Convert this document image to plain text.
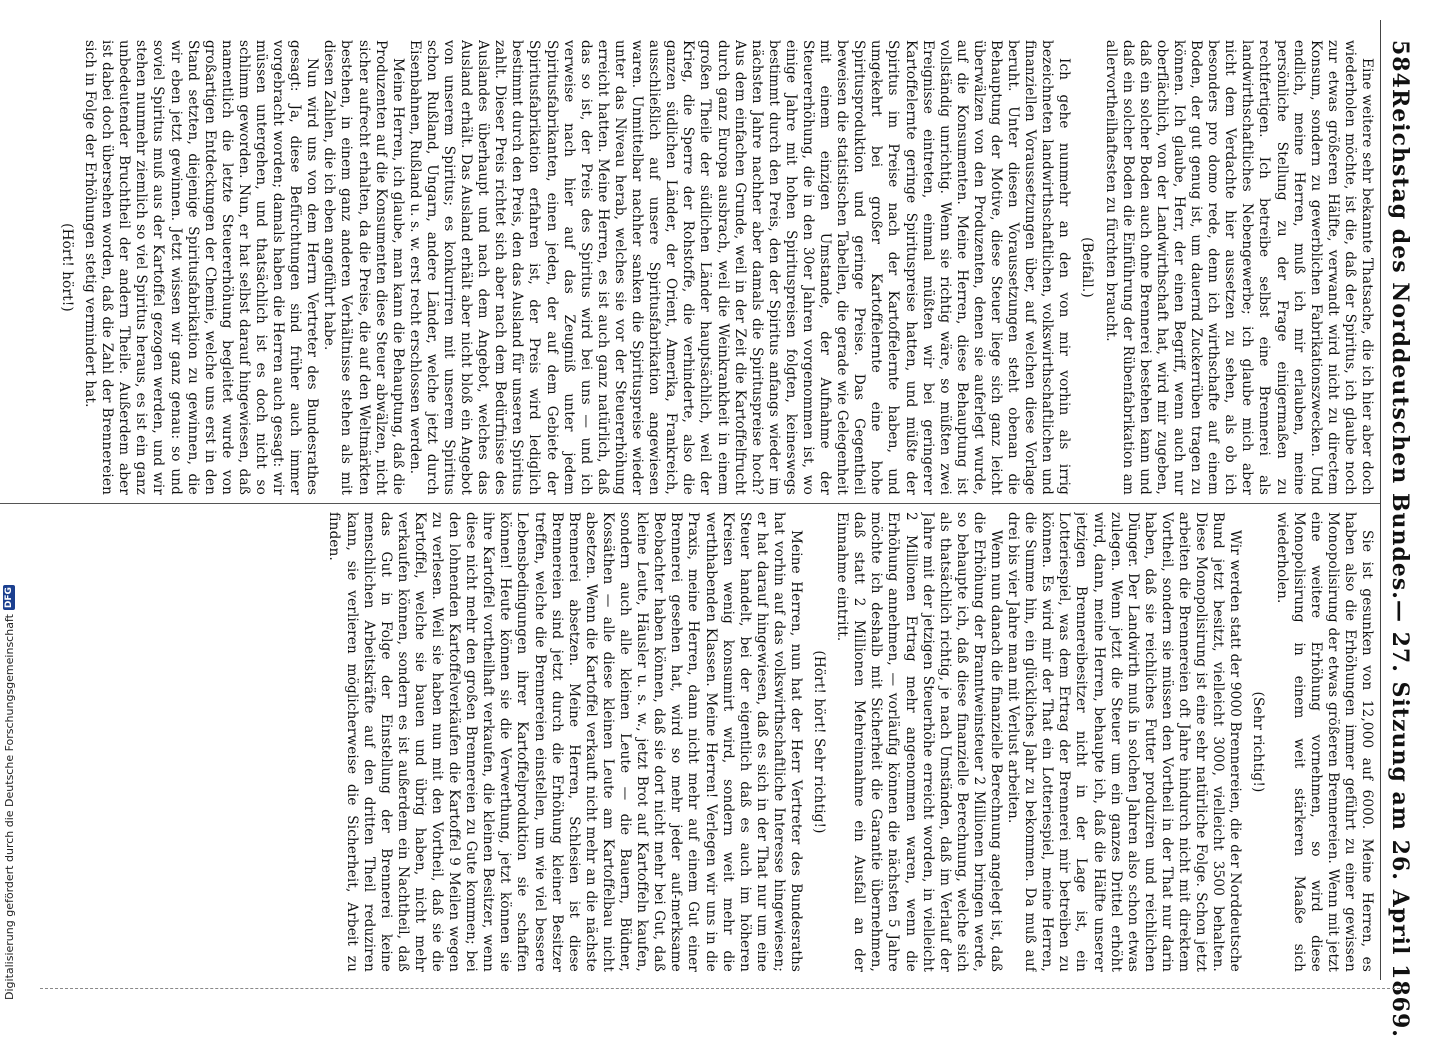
584
Reichstag des Norddeutschen Bundes.
— 27. Sitzung am 26. April 1869.

Eine weitere sehr bekannte Thatsache, die ich hier aber doch wiederholen möchte, ist die, daß der Spiritus, ich glaube noch zur etwas größeren Hälfte, verwandt wird nicht zu directem Konsum, sondern zu gewerblichen Fabrikationszwecken. Und endlich, meine Herren, muß ich mir erlauben, meine persönliche Stellung zu der Frage einigermaßen zu rechtfertigen. Ich betreibe selbst eine Brennerei als landwirthschaftliches Nebengewerbe; ich glaube mich aber nicht dem Verdachte hier aussetzen zu sehen, als ob ich besonders pro domo rede, denn ich wirthschafte auf einem Boden, der gut genug ist, um dauernd Zuckerrüben tragen zu können. Ich glaube, Herr, der einen Begriff, wenn auch nur oberflächlich, von der Landwirthschaft hat, wird mir zugeben, daß ein solcher Boden auch ohne Brennerei bestehen kann und daß ein solcher Boden die Einführung der Rübenfabrikation am allervortheilhaftesten zu fürchten braucht.

(Beifall.)

Ich gehe nunmehr an den von mir vorhin als irrig bezeichneten landwirthschaftlichen, volkswirthschaftlichen und finanziellen Voraussetzungen über, auf welchen diese Vorlage beruht. Unter diesen Voraussetzungen steht obenan die Behauptung der Motive, diese Steuer liege sich ganz leicht überwälzen von den Produzenten, denen sie auferlegt wurde, auf die Konsumenten. Meine Herren, diese Behauptung ist vollständig unrichtig. Wenn sie richtig wäre, so müßten zwei Ereignisse eintreten, einmal müßten wir bei geringerer Kartoffelernte geringe Spirituspreise hatten, und müßte der Spiritus im Preise nach der Kartoffelernte haben, und umgekehrt bei großer Kartoffelernte eine hohe Spiritusproduktion und geringe Preise. Das Gegentheil beweisen die statistischen Tabellen, die gerade wie Gelegenheit mit einem einzigen Umstande, der Aufnahme der Steuererhöhung, die in den 30er Jahren vorgenommen ist, wo einige Jahre mit hohen Spirituspreisen folgten, keineswegs bestimmt durch den Preis, den der Spiritus anfangs wieder im nächsten Jahre nachher aber damals die Spirituspreise hoch? Aus dem einfachen Grunde, weil in der Zeit die Kartoffelfrucht durch ganz Europa ausbrach, weil die Weinkrankheit in einem großen Theile der südlichen Länder hauptsächlich, weil der Krieg, die Sperre der Rohstoffe, die verhinderte, also die ganzen südlichen Länder, der Orient, Amerika, Frankreich, ausschließlich auf unsere Spiritusfabrikation angewiesen waren. Unmittelbar nachher sanken die Spirituspreise wieder unter das Niveau herab, welches sie vor der Steuererhöhung erreicht hatten. Meine Herren, es ist auch ganz natürlich, daß das so ist, der Preis des Spiritus wird bei uns — und ich verweise nach hier auf das Zeugniß unter jedem Spiritusfabrikanten, einen jeden, der auf dem Gebiete der Spiritusfabrikation erfahren ist, der Preis wird lediglich bestimmt durch den Preis, den das Ausland für unseren Spiritus zahlt. Dieser Preis richtet sich aber nach dem Bedürfnisse des Auslandes überhaupt und nach dem Angebot, welches das Ausland erhält. Das Ausland erhält aber nicht bloß ein Angebot von unserem Spiritus; es konkurriren mit unserem Spiritus schon Rußland, Ungarn, andere Länder, welche jetzt durch Eisenbahnen, Rußland u. s. w. erst recht erschlossen werden.

Meine Herren, ich glaube, man kann die Behauptung, daß die Produzenten auf die Konsumenten diese Steuer abwälzen, nicht sicher aufrecht erhalten, da die Preise, die auf den Weltmärkten bestehen, in einem ganz anderen Verhältnisse stehen als mit diesen Zahlen, die ich eben angeführt habe.

Nun wird uns von dem Herrn Vertreter des Bundesrathes gesagt: Ja, diese Befürchtungen sind früher auch immer vorgebracht worden; damals haben die Herren auch gesagt: wir müssen untergehen, und thatsächlich ist es doch nicht so schlimm geworden. Nun, er hat selbst darauf hingewiesen, daß namentlich die letzte Steuererhöhung begleitet wurde von großartigen Entdeckungen der Chemie, welche uns erst in den Stand setzten, diejenige Spiritusfabrikation zu gewinnen, die wir eben jetzt gewinnen. Jetzt wissen wir ganz genau: so und soviel Spiritus muß aus der Kartoffel gezogen werden, und wir stehen nunmehr ziemlich so viel Spiritus heraus, es ist ein ganz unbedeutender Bruchtheil der andern Theile. Außerdem aber ist dabei doch übersehen worden, daß die Zahl der Brennereien sich in Folge der Erhöhungen stetig vermindert hat.

(Hört! hört!)

Sie ist gesunken von 12,000 auf 6000. Meine Herren, es haben also die Erhöhungen immer geführt zu einer gewissen Monopolisirung der etwas größeren Brennereien. Wenn mit jetzt eine weitere Erhöhung vornehmen, so wird diese Monopolisirung in einem weit stärkeren Maaße sich wiederholen.

(Sehr richtig!)

Wir werden statt der 9000 Brennereien, die der Norddeutsche Bund jetzt besitzt, vielleicht 3000, vielleicht 3500 behalten. Diese Monopolisirung ist eine sehr natürliche Folge. Schon jetzt arbeiten die Brennereien oft Jahre hindurch nicht mit direktem Vortheil, sondern sie müssen den Vortheil in der That nur darin haben, daß sie reichliches Futter produziren und reichlichen Dünger. Der Landwirth muß in solchen Jahren also schon etwas zulegen. Wenn jetzt die Steuer um ein ganzes Drittel erhöht wird, dann, meine Herren, behaupte ich, daß die Hälfte unserer jetzigen Brennereibesitzer nicht in der Lage ist, ein Lotteriespiel, was dem Ertrag der Brennerei mir betreiben zu können. Es wird mir der That ein Lotteriespiel, meine Herren, die Summe hin, ein glückliches Jahr zu bekommen. Da muß auf drei bis vier Jahre man mit Verlust arbeiten.

Wenn nun danach die finanzielle Berechnung angelegt ist, daß die Erhöhung der Branntweinsteuer 2 Millionen bringen werde, so behaupte ich, daß diese finanzielle Berechnung, welche sich als thatsächlich richtig, je nach Umständen, daß im Verlauf der Jahre mit der jetzigen Steuerhöhe erreicht worden, in vielleicht 2 Millionen Ertrag mehr angenommen waren, wenn die Erhöhung annehmen, — vorläufig können die nächsten 5 Jahre möchte ich deshalb mit Sicherheit die Garantie übernehmen, daß statt 2 Millionen Mehreinnahme ein Ausfall an der Einnahme eintritt.

(Hört! hört! Sehr richtig!)

Meine Herren, nun hat der Herr Vertreter des Bundesraths hat vorhin auf das volkswirthschaftliche Interesse hingewiesen; er hat darauf hingewiesen, daß es sich in der That nur um eine Steuer handelt, bei der eigentlich daß es auch im höheren Kreisen wenig konsumirt wird, sondern weit mehr die werthhabenden Klassen. Meine Herren! Verlegen wir uns in die Praxis, meine Herren, dann nicht mehr auf einem Gut einer Brennerei gesehen hat, wird so mehr jeder auf-merksame Beobachter haben können, daß sie dort nicht mehr bei Gut, daß kleine Leute, Häusler u. s. w., jetzt Brot auf Kartoffeln kaufen, sondern auch alle kleinen Leute — die Bauern, Büdner, Kossäthen — alle diese kleinen Leute am Kartoffelbau nicht absetzen. Wenn die Kartoffel verkauft nicht mehr an die nächste Brennerei absetzen. Meine Herren, Schlesien ist diese Brennereien sind jetzt durch die Erhöhung kleiner Besitzer treffen, welche die Brennereien einstellen, um wie viel bessere Lebensbedingungen ihrer Kartoffelproduktion sie schaffen können! Heute können sie die Verwerthung, jetzt können sie ihre Kartoffel vortheilhaft verkaufen, die kleinen Besitzer, wenn diese nicht mehr den großen Brennereien zu Gute kommen; bei den lohnenden Kartoffelverkäufen die Kartoffel 9 Meilen wegen zu verlesen. Weil sie haben nun mit den Vortheil, daß sie die Kartoffel, welche sie bauen und übrig haben, nicht mehr verkaufen können, sondern es ist außerdem ein Nachtheil, daß das Gut in Folge der Einstellung der Brennerei keine menschlichen Arbeitskräfte auf den dritten Theil reduziren kann, sie verlieren möglicherweise die Sicherheit, Arbeit zu finden.

Digitalisierung gefördert durch die Deutsche Forschungsgemeinschaft
DFG
